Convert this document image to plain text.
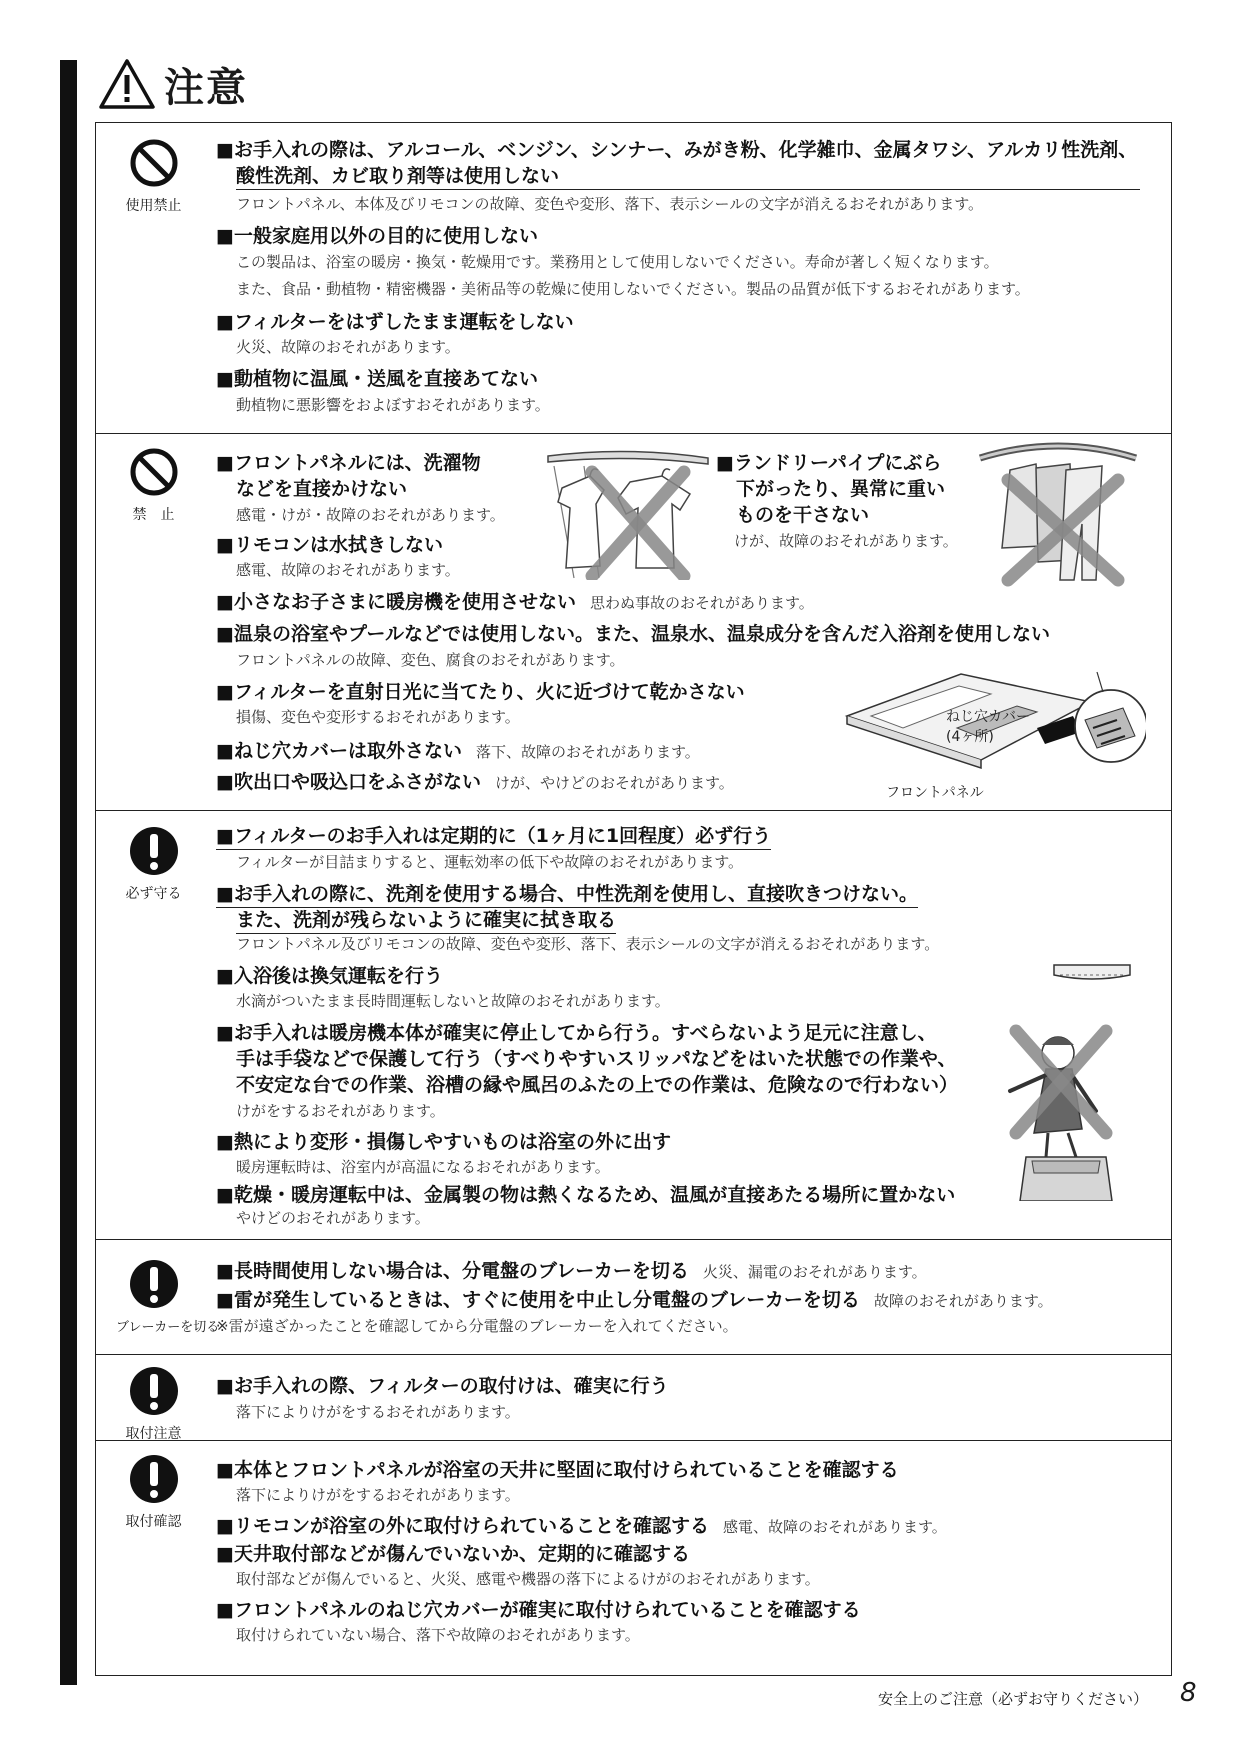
注意
使用禁止
■お手入れの際は、アルコール、ベンジン、シンナー、みがき粉、化学雑巾、金属タワシ、アルカリ性洗剤、
酸性洗剤、カビ取り剤等は使用しない
フロントパネル、本体及びリモコンの故障、変色や変形、落下、表示シールの文字が消えるおそれがあります。
■一般家庭用以外の目的に使用しない
この製品は、浴室の暖房・換気・乾燥用です。業務用として使用しないでください。寿命が著しく短くなります。
また、食品・動植物・精密機器・美術品等の乾燥に使用しないでください。製品の品質が低下するおそれがあります。
■フィルターをはずしたまま運転をしない
火災、故障のおそれがあります。
■動植物に温風・送風を直接あてない
動植物に悪影響をおよぼすおそれがあります。
禁　止
■フロントパネルには、洗濯物
などを直接かけない
感電・けが・故障のおそれがあります。
■リモコンは水拭きしない
感電、故障のおそれがあります。
■ランドリーパイプにぶら
下がったり、異常に重い
ものを干さない
けが、故障のおそれがあります。
■小さなお子さまに暖房機を使用させない 思わぬ事故のおそれがあります。
■温泉の浴室やプールなどでは使用しない。また、温泉水、温泉成分を含んだ入浴剤を使用しない
フロントパネルの故障、変色、腐食のおそれがあります。
■フィルターを直射日光に当てたり、火に近づけて乾かさない
損傷、変色や変形するおそれがあります。
■ねじ穴カバーは取外さない 落下、故障のおそれがあります。
■吹出口や吸込口をふさがない けが、やけどのおそれがあります。
ねじ穴カバー
(4ヶ所)
フロントパネル
必ず守る
■フィルターのお手入れは定期的に（1ヶ月に1回程度）必ず行う
フィルターが目詰まりすると、運転効率の低下や故障のおそれがあります。
■お手入れの際に、洗剤を使用する場合、中性洗剤を使用し、直接吹きつけない。
また、洗剤が残らないように確実に拭き取る
フロントパネル及びリモコンの故障、変色や変形、落下、表示シールの文字が消えるおそれがあります。
■入浴後は換気運転を行う
水滴がついたまま長時間運転しないと故障のおそれがあります。
■お手入れは暖房機本体が確実に停止してから行う。すべらないよう足元に注意し、
手は手袋などで保護して行う（すべりやすいスリッパなどをはいた状態での作業や、
不安定な台での作業、浴槽の縁や風呂のふたの上での作業は、危険なので行わない）
けがをするおそれがあります。
■熱により変形・損傷しやすいものは浴室の外に出す
暖房運転時は、浴室内が高温になるおそれがあります。
■乾燥・暖房運転中は、金属製の物は熱くなるため、温風が直接あたる場所に置かない
やけどのおそれがあります。
ブレーカーを切る
■長時間使用しない場合は、分電盤のブレーカーを切る 火災、漏電のおそれがあります。
■雷が発生しているときは、すぐに使用を中止し分電盤のブレーカーを切る 故障のおそれがあります。
※雷が遠ざかったことを確認してから分電盤のブレーカーを入れてください。
取付注意
■お手入れの際、フィルターの取付けは、確実に行う
落下によりけがをするおそれがあります。
取付確認
■本体とフロントパネルが浴室の天井に堅固に取付けられていることを確認する
落下によりけがをするおそれがあります。
■リモコンが浴室の外に取付けられていることを確認する 感電、故障のおそれがあります。
■天井取付部などが傷んでいないか、定期的に確認する
取付部などが傷んでいると、火災、感電や機器の落下によるけがのおそれがあります。
■フロントパネルのねじ穴カバーが確実に取付けられていることを確認する
取付けられていない場合、落下や故障のおそれがあります。
安全上のご注意（必ずお守りください） 8
